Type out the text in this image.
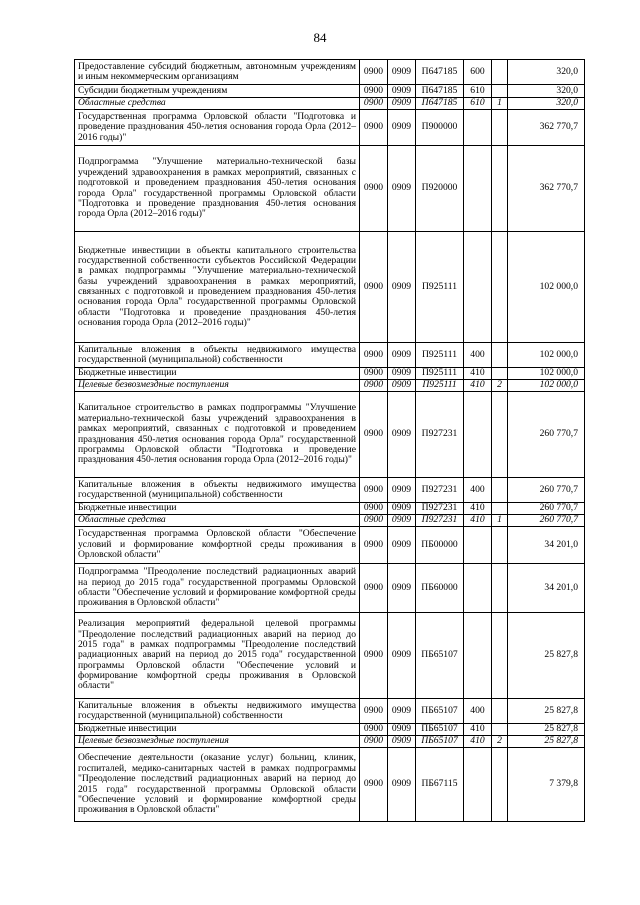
84
Предоставление субсидий бюджетным, автономным учреждениям и иным некоммерческим организациям	0900	0909	П647185	600		320,0
Субсидии бюджетным учреждениям	0900	0909	П647185	610		320,0
Областные средства	0900	0909	П647185	610	1	320,0
Государственная программа Орловской области "Подготовка и проведение празднования 450-летия основания города Орла (2012–2016 годы)"	0900	0909	П900000			362 770,7
Подпрограмма "Улучшение материально-технической базы учреждений здравоохранения в рамках мероприятий, связанных с подготовкой и проведением празднования 450-летия основания города Орла" государственной программы Орловской области "Подготовка и проведение празднования 450-летия основания города Орла (2012–2016 годы)"	0900	0909	П920000			362 770,7
Бюджетные инвестиции в объекты капитального строительства государственной собственности субъектов Российской Федерации в рамках подпрограммы "Улучшение материально-технической базы учреждений здравоохранения в рамках мероприятий, связанных с подготовкой и проведением празднования 450-летия основания города Орла" государственной программы Орловской области "Подготовка и проведение празднования 450-летия основания города Орла (2012–2016 годы)"	0900	0909	П925111			102 000,0
Капитальные вложения в объекты недвижимого имущества государственной (муниципальной) собственности	0900	0909	П925111	400		102 000,0
Бюджетные инвестиции	0900	0909	П925111	410		102 000,0
Целевые безвозмездные поступления	0900	0909	П925111	410	2	102 000,0
Капитальное строительство в рамках подпрограммы "Улучшение материально-технической базы учреждений здравоохранения в рамках мероприятий, связанных с подготовкой и проведением празднования 450-летия основания города Орла" государственной программы Орловской области "Подготовка и проведение празднования 450-летия основания города Орла (2012–2016 годы)"	0900	0909	П927231			260 770,7
Капитальные вложения в объекты недвижимого имущества государственной (муниципальной) собственности	0900	0909	П927231	400		260 770,7
Бюджетные инвестиции	0900	0909	П927231	410		260 770,7
Областные средства	0900	0909	П927231	410	1	260 770,7
Государственная программа Орловской области "Обеспечение условий и формирование комфортной среды проживания в Орловской области"	0900	0909	ПБ00000			34 201,0
Подпрограмма "Преодоление последствий радиационных аварий на период до 2015 года" государственной программы Орловской области "Обеспечение условий и формирование комфортной среды проживания в Орловской области"	0900	0909	ПБ60000			34 201,0
Реализация мероприятий федеральной целевой программы "Преодоление последствий радиационных аварий на период до 2015 года" в рамках подпрограммы "Преодоление последствий радиационных аварий на период до 2015 года" государственной программы Орловской области "Обеспечение условий и формирование комфортной среды проживания в Орловской области"	0900	0909	ПБ65107			25 827,8
Капитальные вложения в объекты недвижимого имущества государственной (муниципальной) собственности	0900	0909	ПБ65107	400		25 827,8
Бюджетные инвестиции	0900	0909	ПБ65107	410		25 827,8
Целевые безвозмездные поступления	0900	0909	ПБ65107	410	2	25 827,8
Обеспечение деятельности (оказание услуг) больниц, клиник, госпиталей, медико-санитарных частей в рамках подпрограммы "Преодоление последствий радиационных аварий на период до 2015 года" государственной программы Орловской области "Обеспечение условий и формирование комфортной среды проживания в Орловской области"	0900	0909	ПБ67115			7 379,8
